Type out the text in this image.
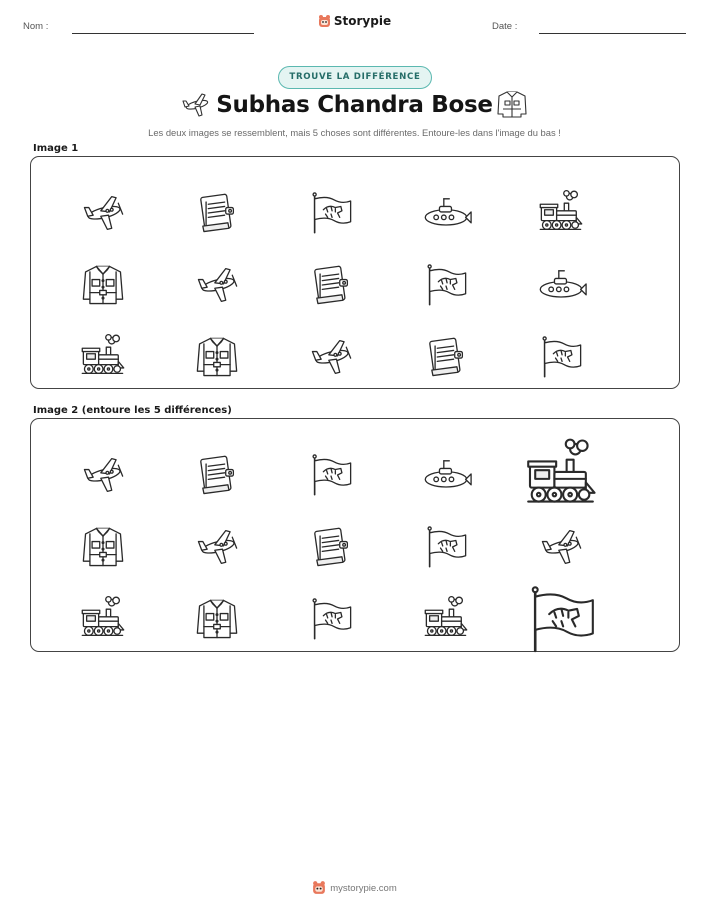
Nom :	Storypie	Date :
TROUVE LA DIFFÉRENCE
Subhas Chandra Bose
Les deux images se ressemblent, mais 5 choses sont différentes. Entoure-les dans l'image du bas !
Image 1
Image 2 (entoure les 5 différences)
mystorypie.com
